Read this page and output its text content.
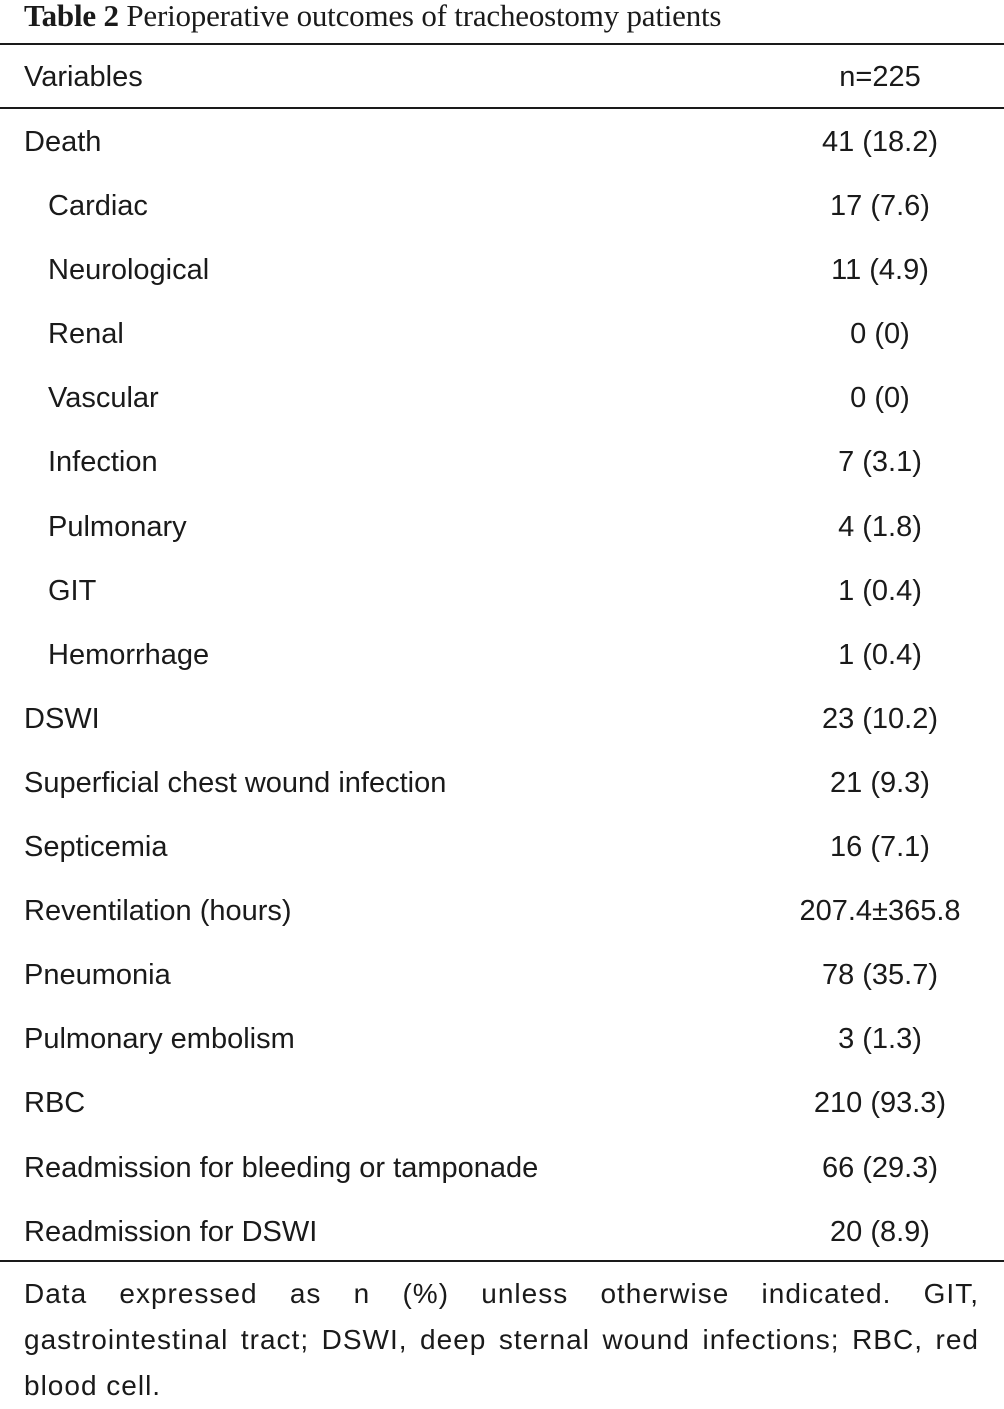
Table 2 Perioperative outcomes of tracheostomy patients
Variables	n=225
Death	41 (18.2)
Cardiac	17 (7.6)
Neurological	11 (4.9)
Renal	0 (0)
Vascular	0 (0)
Infection	7 (3.1)
Pulmonary	4 (1.8)
GIT	1 (0.4)
Hemorrhage	1 (0.4)
DSWI	23 (10.2)
Superficial chest wound infection	21 (9.3)
Septicemia	16 (7.1)
Reventilation (hours)	207.4±365.8
Pneumonia	78 (35.7)
Pulmonary embolism	3 (1.3)
RBC	210 (93.3)
Readmission for bleeding or tamponade	66 (29.3)
Readmission for DSWI	20 (8.9)

Data expressed as n (%) unless otherwise indicated. GIT, gastrointestinal tract; DSWI, deep sternal wound infections; RBC, red blood cell.
